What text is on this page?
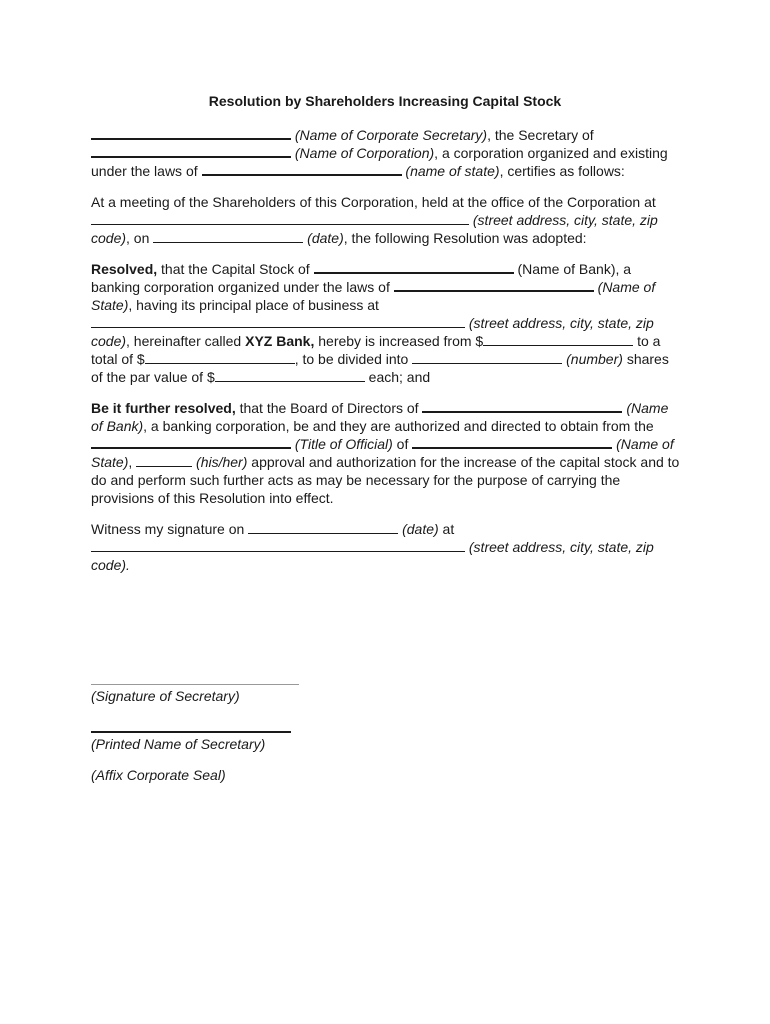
Resolution by Shareholders Increasing Capital Stock

(Name of Corporate Secretary), the Secretary of  (Name of Corporation), a corporation organized and existing under the laws of	(name of state), certifies as follows:

At a meeting of the Shareholders of this Corporation, held at the office of the Corporation at  (street address, city, state, zip code), on	(date), the following Resolution was adopted:

Resolved, that the Capital Stock of	(Name of Bank), a banking corporation organized under the laws of	(Name of State), having its principal place of business at  (street address, city, state, zip code), hereinafter called XYZ Bank, hereby is increased from $	to a total of $	, to be divided into	(number) shares of the par value of $	each; and

Be it further resolved, that the Board of Directors of	(Name of Bank), a banking corporation, be and they are authorized and directed to obtain from the  (Title of Official) of	(Name of State),	(his/her) approval and authorization for the increase of the capital stock and to do and perform such further acts as may be necessary for the purpose of carrying the provisions of this Resolution into effect.

Witness my signature on	(date) at  (street address, city, state, zip code).

(Signature of Secretary)
(Printed Name of Secretary)
(Affix Corporate Seal)
